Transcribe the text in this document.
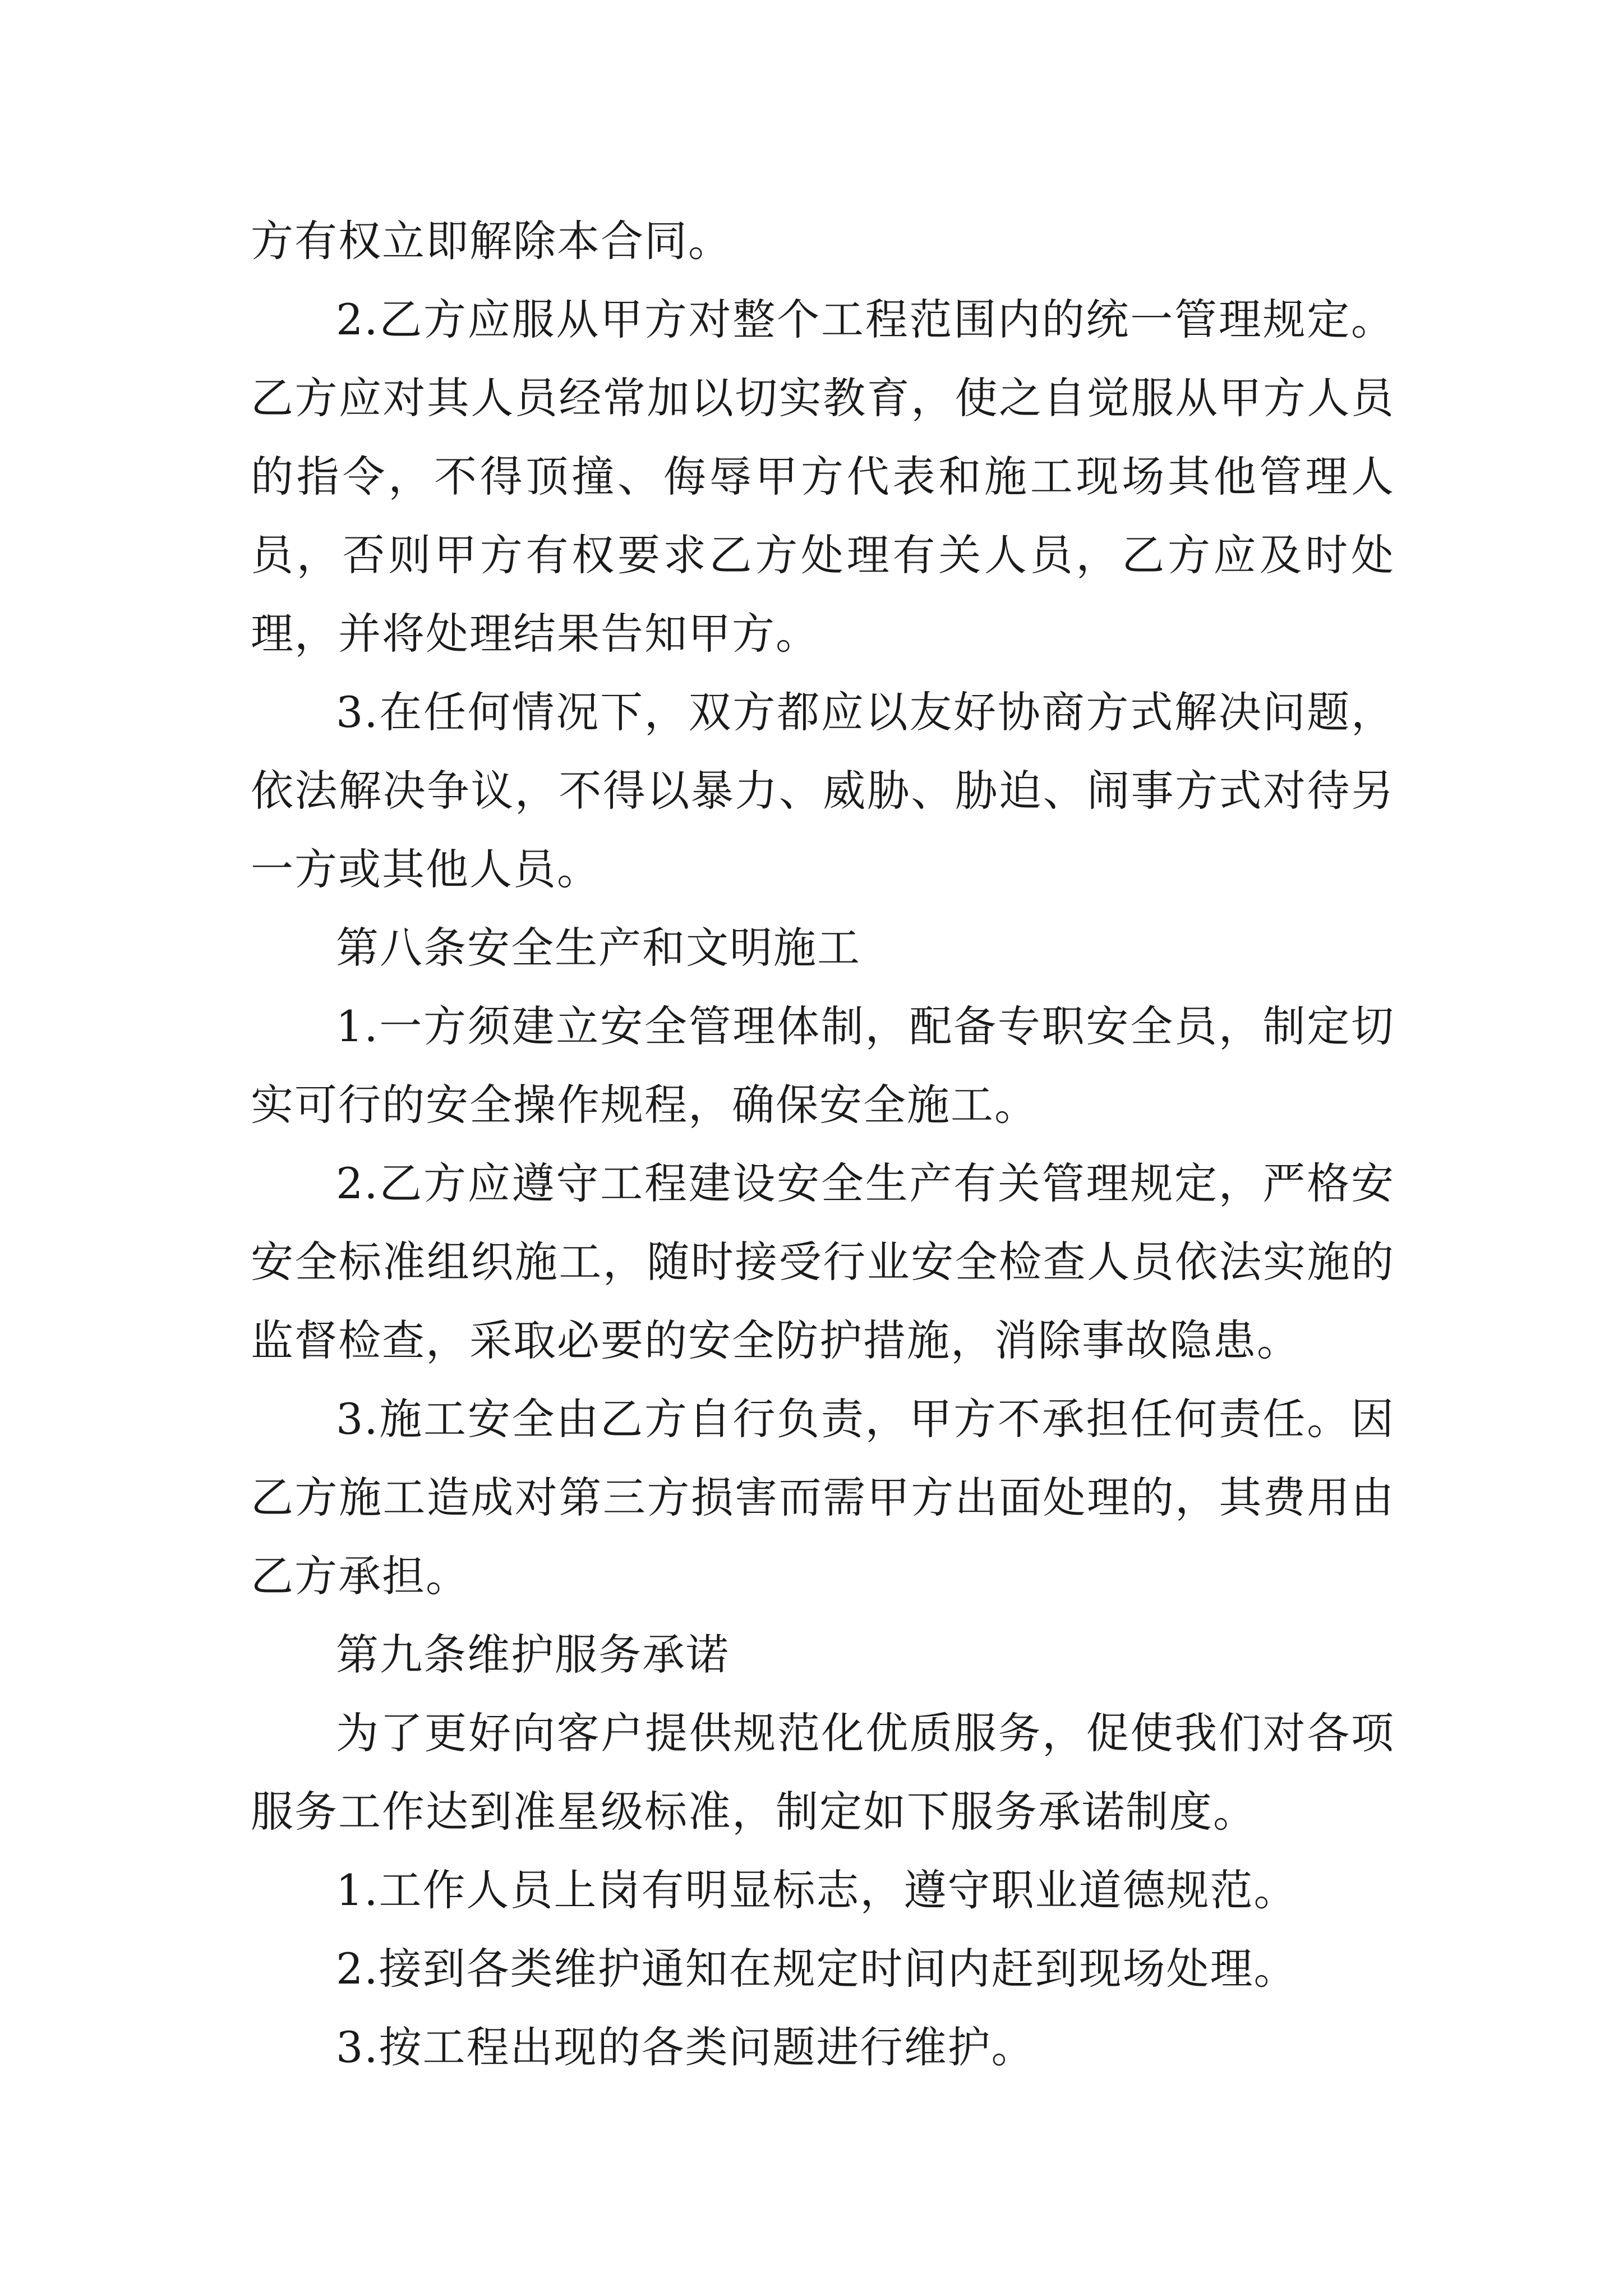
方有权立即解除本合同。

2.乙方应服从甲方对整个工程范围内的统一管理规定。乙方应对其人员经常加以切实教育，使之自觉服从甲方人员的指令，不得顶撞、侮辱甲方代表和施工现场其他管理人员，否则甲方有权要求乙方处理有关人员，乙方应及时处理，并将处理结果告知甲方。

3.在任何情况下，双方都应以友好协商方式解决问题，依法解决争议，不得以暴力、威胁、胁迫、闹事方式对待另一方或其他人员。

第八条安全生产和文明施工

1.一方须建立安全管理体制，配备专职安全员，制定切实可行的安全操作规程，确保安全施工。

2.乙方应遵守工程建设安全生产有关管理规定，严格安安全标准组织施工，随时接受行业安全检查人员依法实施的监督检查，采取必要的安全防护措施，消除事故隐患。

3.施工安全由乙方自行负责，甲方不承担任何责任。因乙方施工造成对第三方损害而需甲方出面处理的，其费用由乙方承担。

第九条维护服务承诺

为了更好向客户提供规范化优质服务，促使我们对各项服务工作达到准星级标准，制定如下服务承诺制度。

1.工作人员上岗有明显标志，遵守职业道德规范。

2.接到各类维护通知在规定时间内赶到现场处理。

3.按工程出现的各类问题进行维护。
